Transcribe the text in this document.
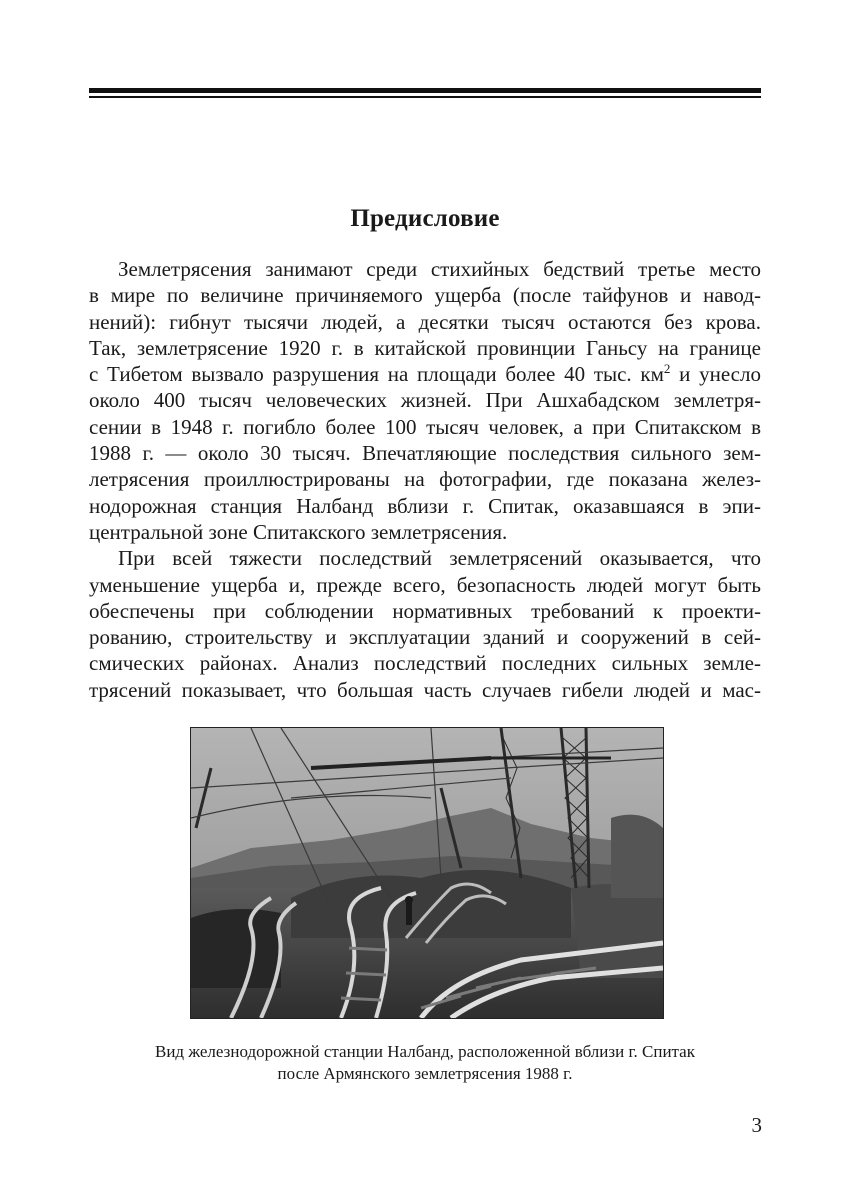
Предисловие
Землетрясения занимают среди стихийных бедствий третье место
в мире по величине причиняемого ущерба (после тайфунов и навод-
нений): гибнут тысячи людей, а десятки тысяч остаются без крова.
Так, землетрясение 1920 г. в китайской провинции Ганьсу на границе
с Тибетом вызвало разрушения на площади более 40 тыс. $км^2$ и унесло
около 400 тысяч человеческих жизней. При Ашхабадском землетря-
сении в 1948 г. погибло более 100 тысяч человек, а при Спитакском в
1988 г. — около 30 тысяч. Впечатляющие последствия сильного зем-
летрясения проиллюстрированы на фотографии, где показана желез-
нодорожная станция Налбанд вблизи г. Спитак, оказавшаяся в эпи-
центральной зоне Спитакского землетрясения.
При всей тяжести последствий землетрясений оказывается, что
уменьшение ущерба и, прежде всего, безопасность людей могут быть
обеспечены при соблюдении нормативных требований к проекти-
рованию, строительству и эксплуатации зданий и сооружений в сей-
смических районах. Анализ последствий последних сильных земле-
трясений показывает, что большая часть случаев гибели людей и мас-
Вид железнодорожной станции Налбанд, расположенной вблизи г. Спитак
после Армянского землетрясения 1988 г.
3
